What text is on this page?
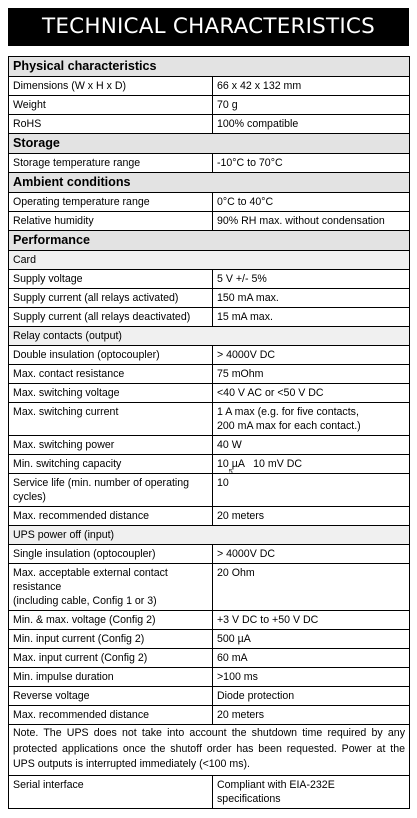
TECHNICAL CHARACTERISTICS
Physical characteristics	
Dimensions (W x H x D)	66 x 42 x 132 mm
Weight	70 g
RoHS	100% compatible
Storage	
Storage temperature range	-10°C to 70°C
Ambient conditions	
Operating temperature range	0°C to 40°C
Relative humidity	90% RH max. without condensation
Performance	
Card	
Supply voltage	5 V +/- 5%
Supply current (all relays activated)	150 mA max.
Supply current (all relays deactivated)	15 mA max.
Relay contacts (output)	
Double insulation (optocoupler)	> 4000V DC
Max. contact resistance	75 mOhm
Max. switching voltage	<40 V AC or <50 V DC
Max. switching current	1 A max (e.g. for five contacts,
200 mA max for each contact.)

Max. switching power	40 W
Min. switching capacity	10 µA   10 mV DC

Service life (min. number of operating
cycles)	$10^5$
Max. recommended distance	20 meters
UPS power off (input)	
Single insulation (optocoupler)	> 4000V DC

Max. acceptable external contact
resistance
(including cable, Config 1 or 3)	20 Ohm
Min. & max. voltage (Config 2)	+3 V DC to +50 V DC
Min. input current (Config 2)	500 µA
Max. input current (Config 2)	60 mA
Min. impulse duration	>100 ms
Reverse voltage	Diode protection
Max. recommended distance	20 meters
Note. The UPS does not take into account the shutdown time required by any protected applications once the shutoff order has been requested. Power at the UPS outputs is interrupted immediately (<100 ms).	
Serial interface	Compliant with EIA-232E
specifications
